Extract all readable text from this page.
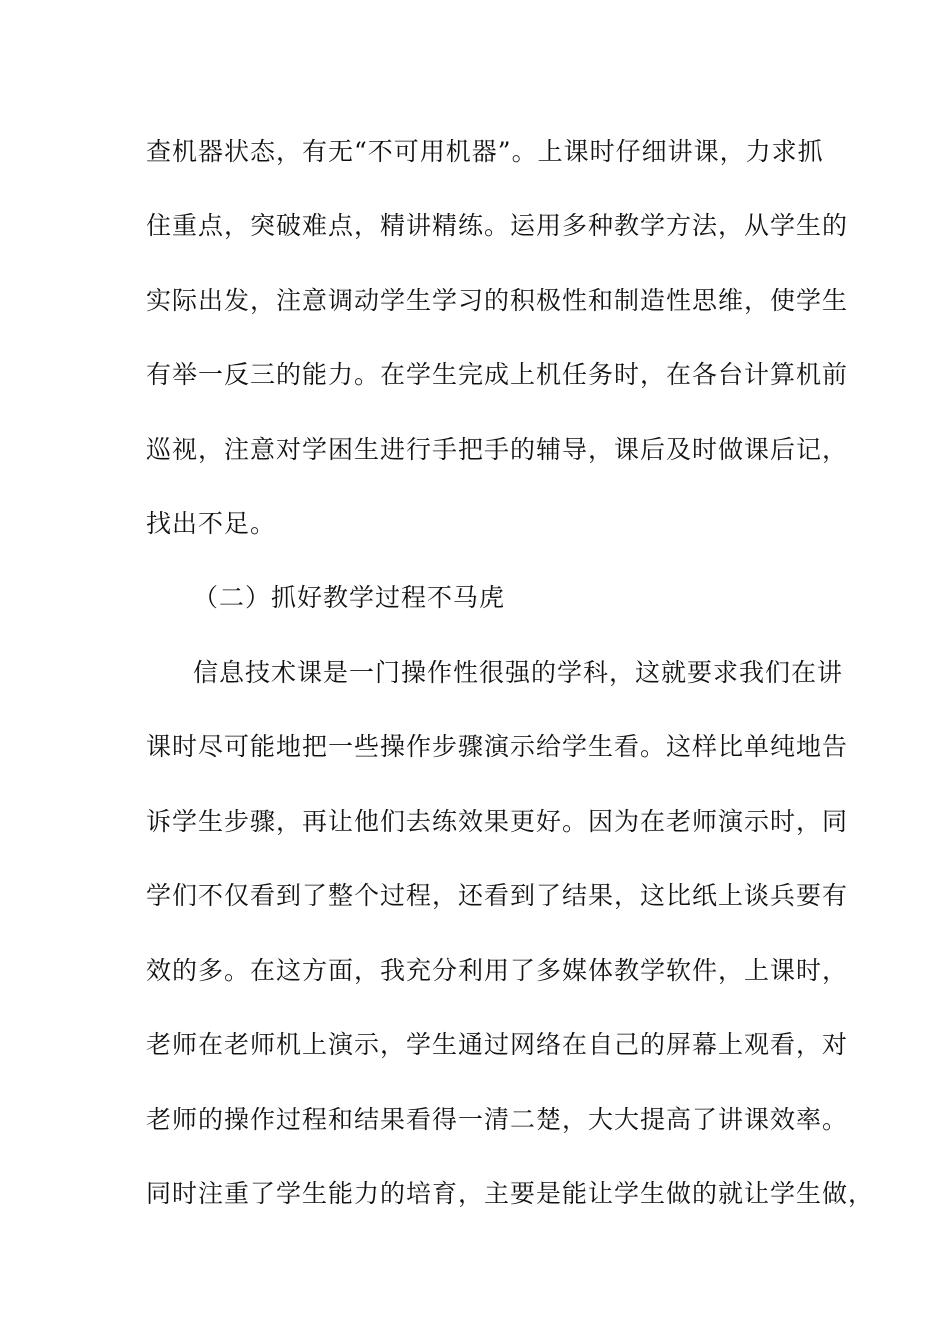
查机器状态，有无“不可用机器”。上课时仔细讲课，力求抓
住重点，突破难点，精讲精练。运用多种教学方法，从学生的
实际出发，注意调动学生学习的积极性和制造性思维，使学生
有举一反三的能力。在学生完成上机任务时，在各台计算机前
巡视，注意对学困生进行手把手的辅导，课后及时做课后记，
找出不足。
（二）抓好教学过程不马虎
信息技术课是一门操作性很强的学科，这就要求我们在讲
课时尽可能地把一些操作步骤演示给学生看。这样比单纯地告
诉学生步骤，再让他们去练效果更好。因为在老师演示时，同
学们不仅看到了整个过程，还看到了结果，这比纸上谈兵要有
效的多。在这方面，我充分利用了多媒体教学软件，上课时，
老师在老师机上演示，学生通过网络在自己的屏幕上观看，对
老师的操作过程和结果看得一清二楚，大大提高了讲课效率。
同时注重了学生能力的培育，主要是能让学生做的就让学生做，
